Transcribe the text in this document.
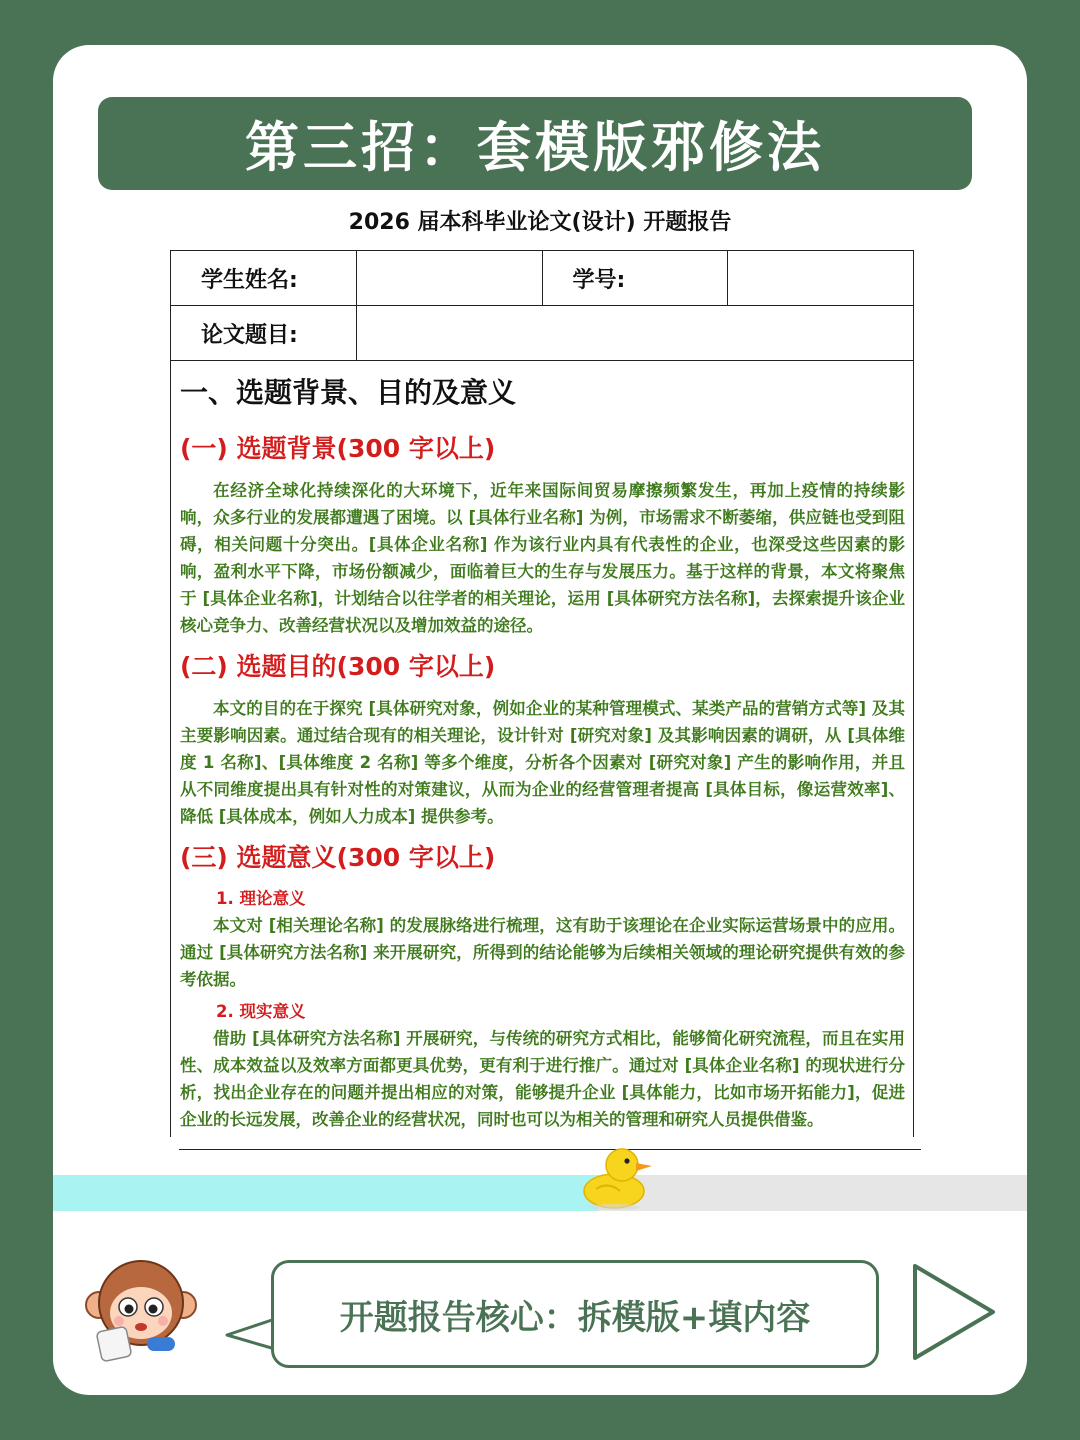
第三招：套模版邪修法
2026 届本科毕业论文(设计) 开题报告
学生姓名:		学号:	
论文题目:			
一、选题背景、目的及意义
(一) 选题背景(300 字以上)

在经济全球化持续深化的大环境下，近年来国际间贸易摩擦频繁发生，再加上疫情的持续影响，众多行业的发展都遭遇了困境。以 [具体行业名称] 为例，市场需求不断萎缩，供应链也受到阻碍，相关问题十分突出。[具体企业名称] 作为该行业内具有代表性的企业，也深受这些因素的影响，盈利水平下降，市场份额减少，面临着巨大的生存与发展压力。基于这样的背景，本文将聚焦于 [具体企业名称]，计划结合以往学者的相关理论，运用 [具体研究方法名称]，去探索提升该企业核心竞争力、改善经营状况以及增加效益的途径。

(二) 选题目的(300 字以上)

本文的目的在于探究 [具体研究对象，例如企业的某种管理模式、某类产品的营销方式等] 及其主要影响因素。通过结合现有的相关理论，设计针对 [研究对象] 及其影响因素的调研，从 [具体维度 1 名称]、[具体维度 2 名称] 等多个维度，分析各个因素对 [研究对象] 产生的影响作用，并且从不同维度提出具有针对性的对策建议，从而为企业的经营管理者提高 [具体目标，像运营效率]、降低 [具体成本，例如人力成本] 提供参考。

(三) 选题意义(300 字以上)
1. 理论意义

本文对 [相关理论名称] 的发展脉络进行梳理，这有助于该理论在企业实际运营场景中的应用。通过 [具体研究方法名称] 来开展研究，所得到的结论能够为后续相关领域的理论研究提供有效的参考依据。

2. 现实意义

借助 [具体研究方法名称] 开展研究，与传统的研究方式相比，能够简化研究流程，而且在实用性、成本效益以及效率方面都更具优势，更有利于进行推广。通过对 [具体企业名称] 的现状进行分析，找出企业存在的问题并提出相应的对策，能够提升企业 [具体能力，比如市场开拓能力]，促进企业的长远发展，改善企业的经营状况，同时也可以为相关的管理和研究人员提供借鉴。

开题报告核心：拆模版+填内容
